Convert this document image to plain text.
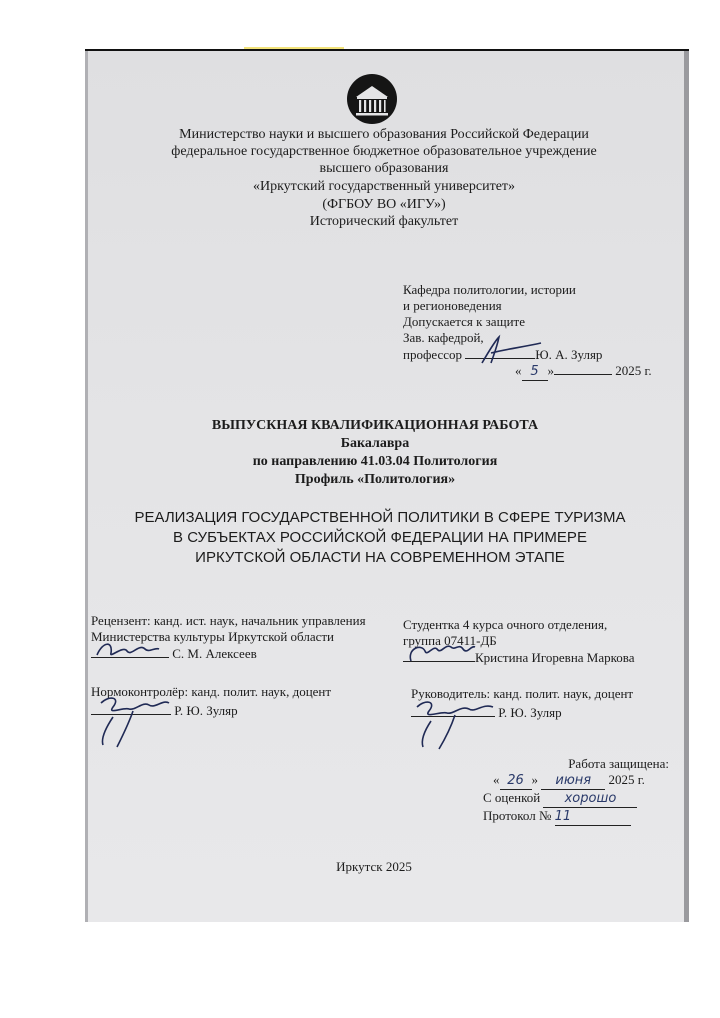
Министерство науки и высшего образования Российской Федерации
федеральное государственное бюджетное образовательное учреждение
высшего образования
«Иркутский государственный университет»
(ФГБОУ ВО «ИГУ»)
Исторический факультет
Кафедра политологии, истории
и регионоведения
Допускается к защите
Зав. кафедрой,
профессор	Ю. А. Зуляр
« 5 »	2025 г.
ВЫПУСКНАЯ КВАЛИФИКАЦИОННАЯ РАБОТА
Бакалавра
по направлению 41.03.04 Политология
Профиль «Политология»
РЕАЛИЗАЦИЯ ГОСУДАРСТВЕННОЙ ПОЛИТИКИ В СФЕРЕ ТУРИЗМА
В СУБЪЕКТАХ РОССИЙСКОЙ ФЕДЕРАЦИИ НА ПРИМЕРЕ
ИРКУТСКОЙ ОБЛАСТИ НА СОВРЕМЕННОМ ЭТАПЕ
Рецензент: канд. ист. наук, начальник управления
Министерства культуры Иркутской области
С. М. Алексеев
Студентка 4 курса очного отделения,
группа 07411-ДБ
Кристина Игоревна Маркова
Нормоконтролёр: канд. полит. наук, доцент
Р. Ю. Зуляр
Руководитель: канд. полит. наук, доцент
Р. Ю. Зуляр
Работа защищена:
« 26 » июня 2025 г.
С оценкой хорошо
Протокол № 11
Иркутск 2025
